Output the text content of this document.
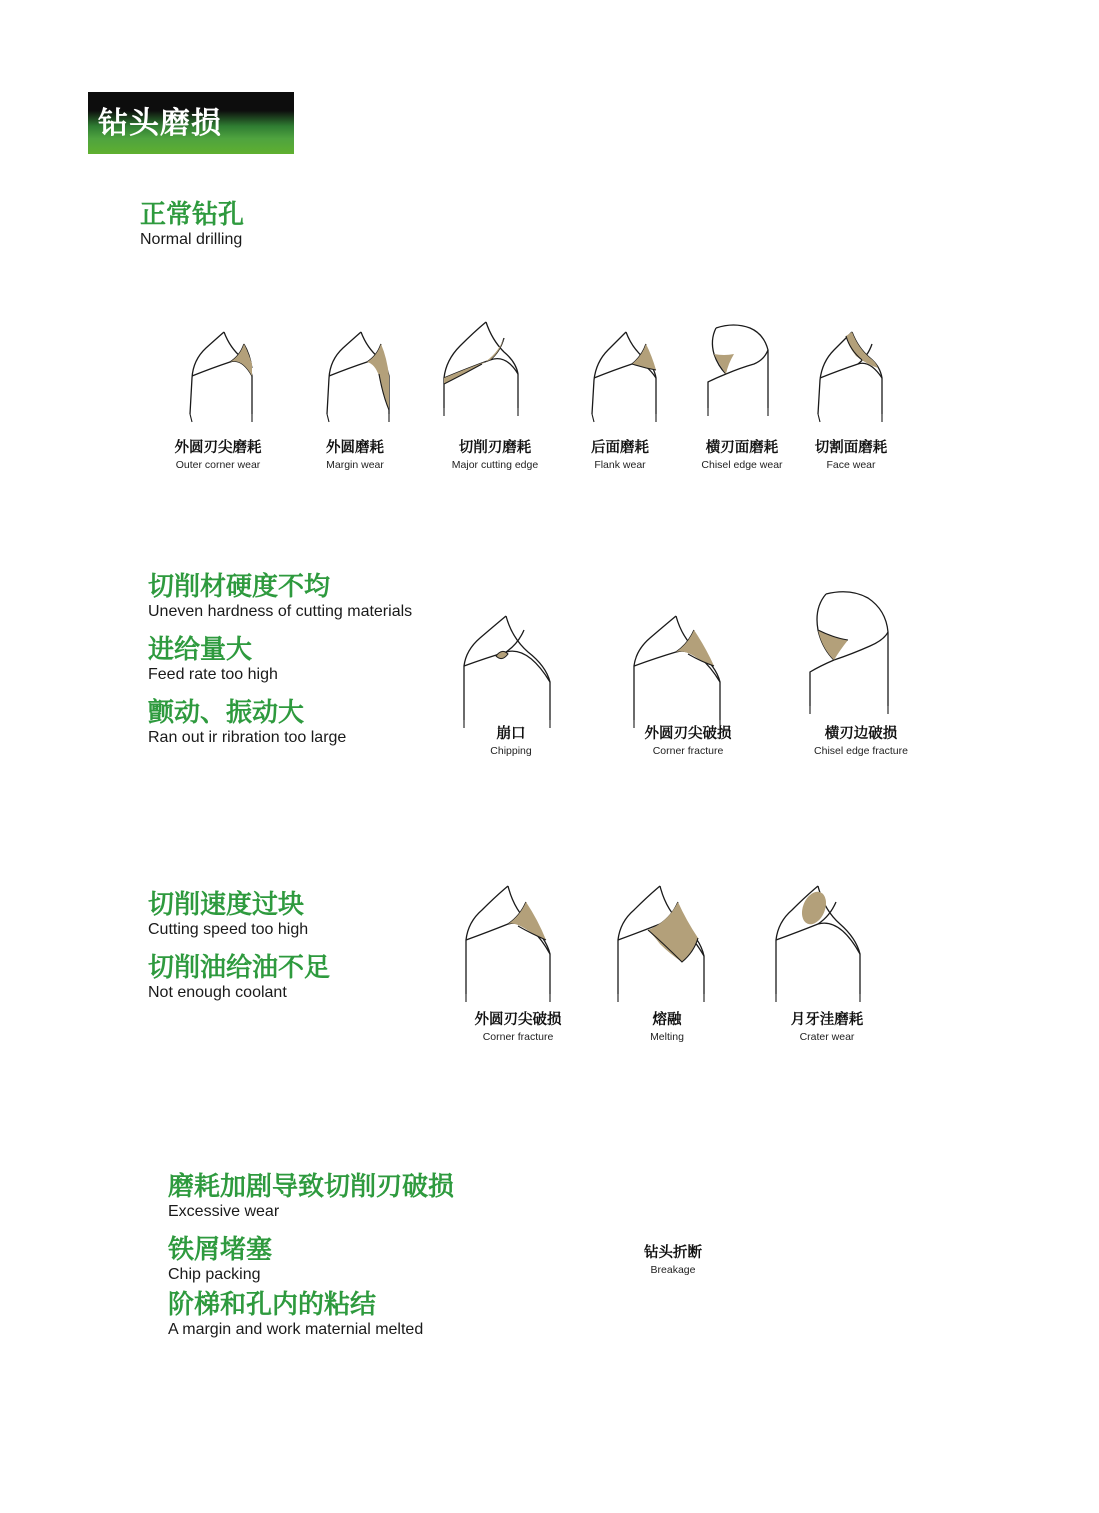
钻头磨损
正常钻孔
Normal drilling
外圆刃尖磨耗
Outer corner wear
外圆磨耗
Margin wear
切削刃磨耗
Major cutting edge
后面磨耗
Flank wear
横刃面磨耗
Chisel edge wear
切割面磨耗
Face wear
切削材硬度不均
Uneven hardness of cutting materials
进给量大
Feed rate too high
颤动、振动大
Ran out ir ribration too large	崩口
Chipping
外圆刃尖破损
Corner fracture
横刃边破损
Chisel edge fracture
切削速度过块
Cutting speed too high
切削油给油不足
Not enough coolant
外圆刃尖破损
Corner fracture
熔融
Melting
月牙洼磨耗
Crater wear
磨耗加剧导致切削刃破损
Excessive wear
铁屑堵塞
Chip packing
阶梯和孔内的粘结
A margin and work maternial melted
钻头折断
Breakage
